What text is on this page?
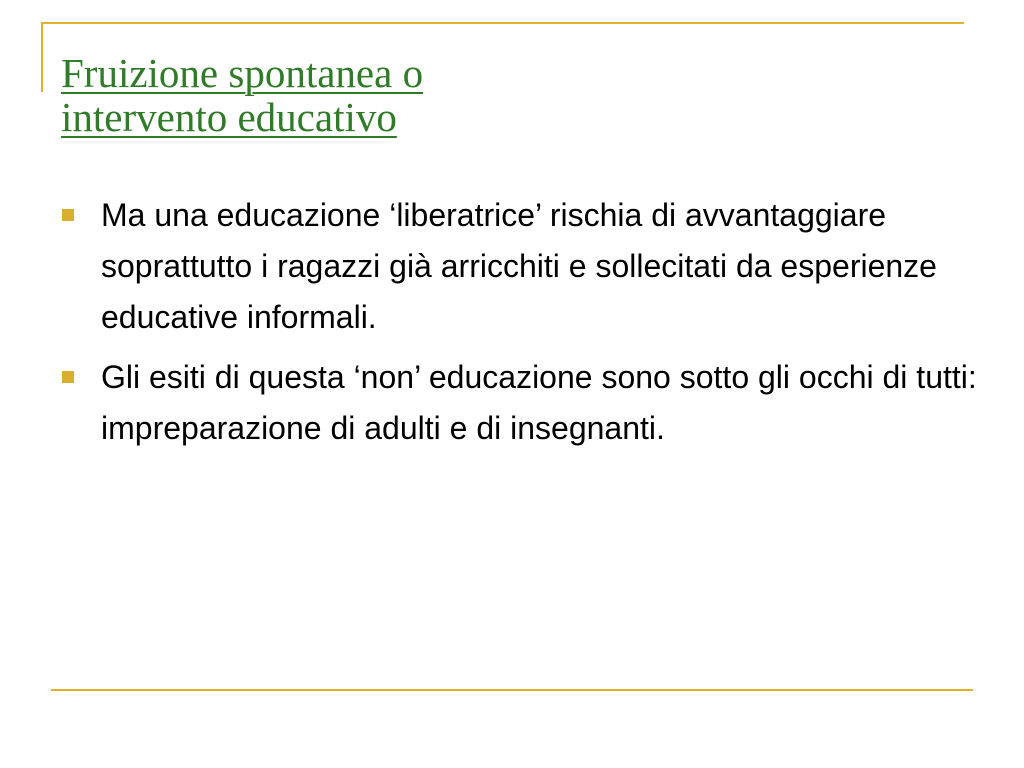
Fruizione spontanea o
intervento educativo
Ma una educazione ‘liberatrice’ rischia di avvantaggiare soprattutto i ragazzi già arricchiti e sollecitati da esperienze educative informali.
Gli esiti di questa ‘non’ educazione sono sotto gli occhi di tutti: impreparazione di adulti e di insegnanti.
